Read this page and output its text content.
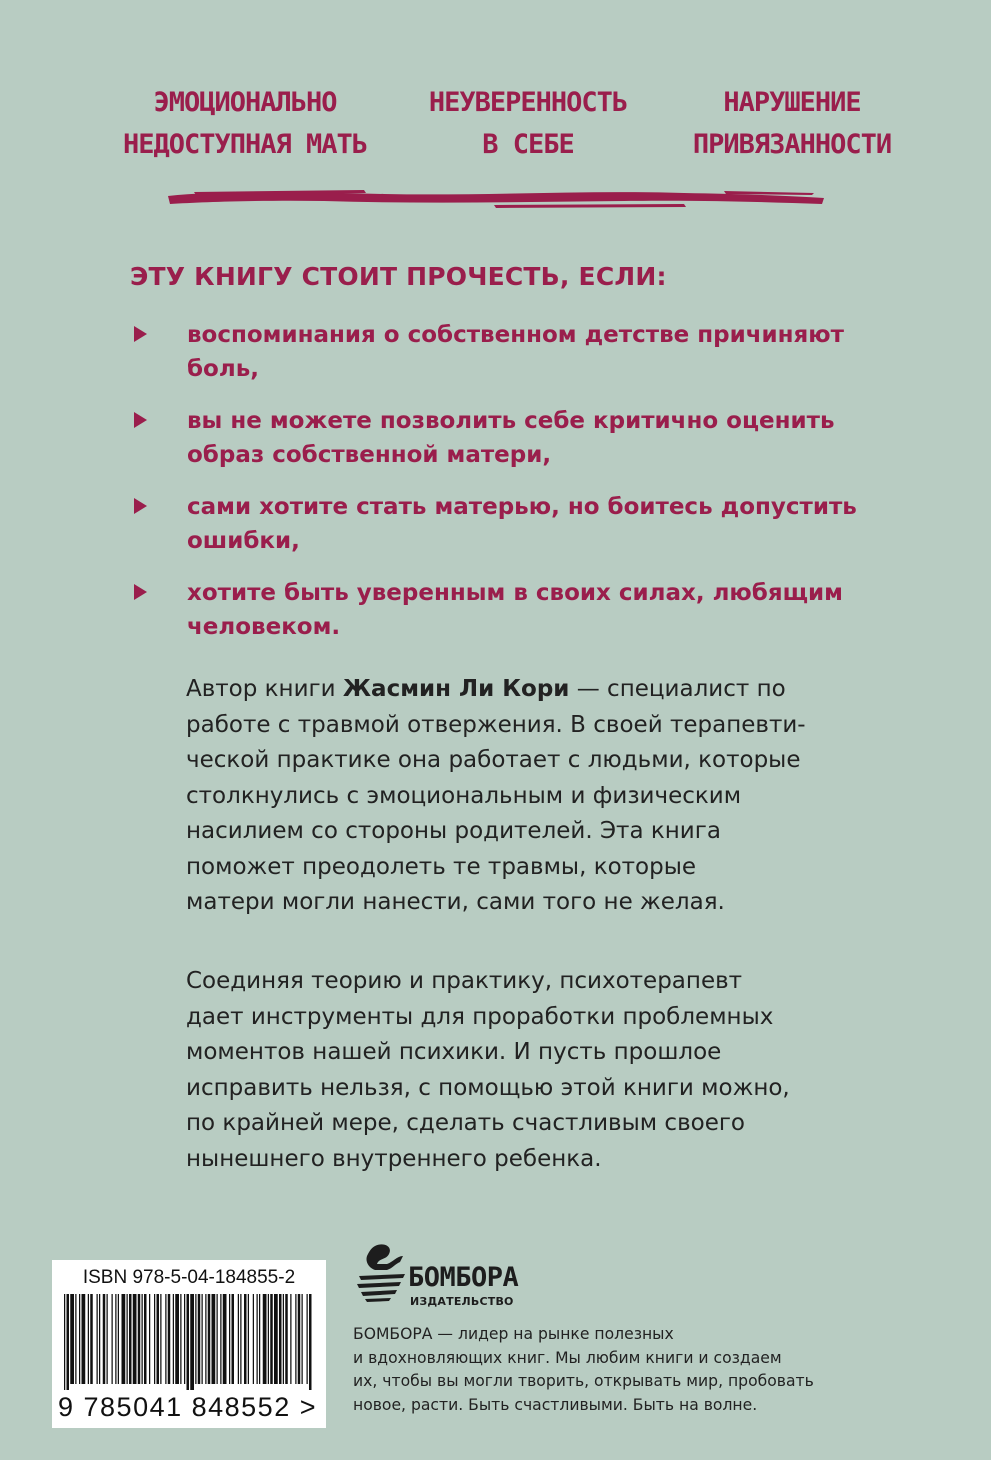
ЭМОЦИОНАЛЬНО
НЕДОСТУПНАЯ МАТЬ
НЕУВЕРЕННОСТЬ
В СЕБЕ
НАРУШЕНИЕ
ПРИВЯЗАННОСТИ
ЭТУ КНИГУ СТОИТ ПРОЧЕСТЬ, ЕСЛИ:
воспоминания о собственном детстве причиняют
боль,
вы не можете позволить себе критично оценить
образ собственной матери,
сами хотите стать матерью, но боитесь допустить
ошибки,
хотите быть уверенным в своих силах, любящим
человеком.
Автор книги Жасмин Ли Кори — специалист по
работе с травмой отвержения. В своей терапевти-
ческой практике она работает с людьми, которые
столкнулись с эмоциональным и физическим
насилием со стороны родителей. Эта книга
поможет преодолеть те травмы, которые
матери могли нанести, сами того не желая.
Соединяя теорию и практику, психотерапевт
дает инструменты для проработки проблемных
моментов нашей психики. И пусть прошлое
исправить нельзя, с помощью этой книги можно,
по крайней мере, сделать счастливым своего
нынешнего внутреннего ребенка.
ISBN 978-5-04-184855-2
9 785041 848552 >
БОМБОРА
ИЗДАТЕЛЬСТВО
БОМБОРА — лидер на рынке полезных
и вдохновляющих книг. Мы любим книги и создаем
их, чтобы вы могли творить, открывать мир, пробовать
новое, расти. Быть счастливыми. Быть на волне.
